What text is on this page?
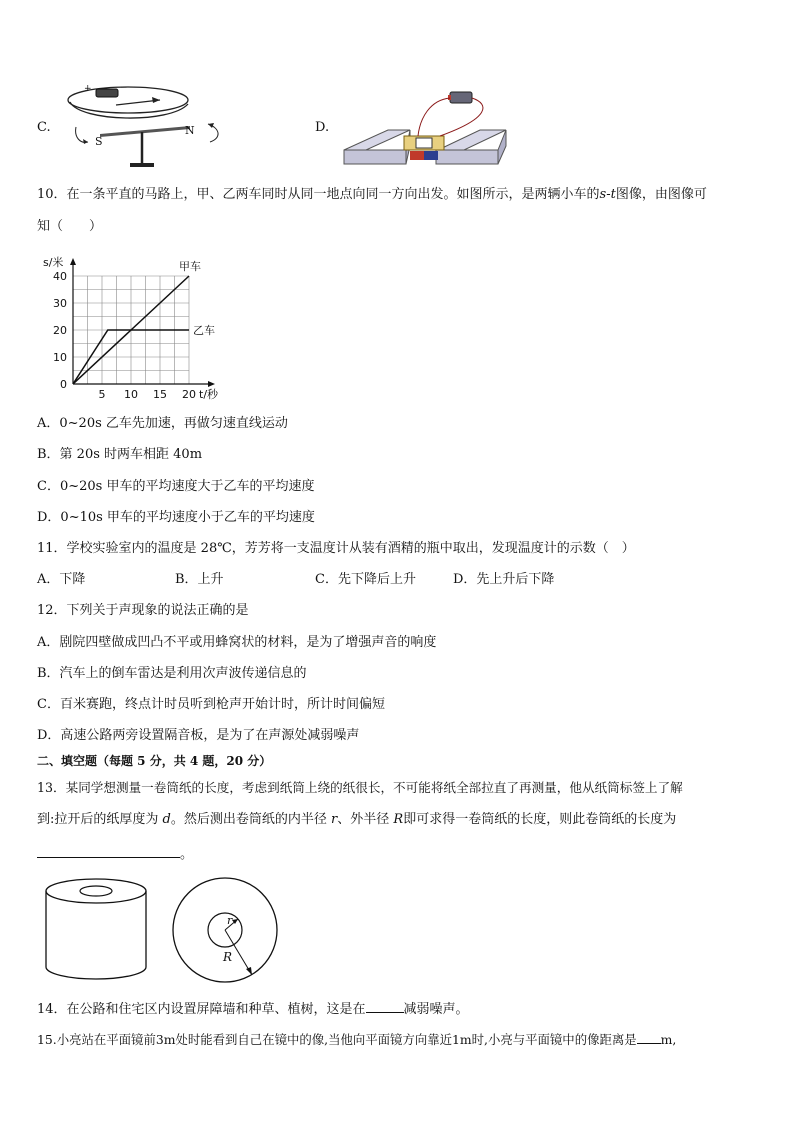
C.
+	−
S
N	D.
10．在一条平直的马路上，甲、乙两车同时从同一地点向同一方向出发。如图所示，是两辆小车的s-t图像，由图像可
知（　　）
5 10 15 20
10
20
30
40
0
s/米
t/秒
甲车
乙车
A．0~20s 乙车先加速，再做匀速直线运动
B．第 20s 时两车相距 40m
C．0~20s 甲车的平均速度大于乙车的平均速度
D．0~10s 甲车的平均速度小于乙车的平均速度
11．学校实验室内的温度是 28℃，芳芳将一支温度计从装有酒精的瓶中取出，发现温度计的示数（　）
A．下降	B．上升	C．先下降后上升	D．先上升后下降
12．下列关于声现象的说法正确的是
A．剧院四壁做成凹凸不平或用蜂窝状的材料，是为了增强声音的响度
B．汽车上的倒车雷达是利用次声波传递信息的
C．百米赛跑，终点计时员听到枪声开始计时，所计时间偏短
D．高速公路两旁设置隔音板，是为了在声源处减弱噪声
二、填空题（每题 5 分，共 4 题，20 分）
13．某同学想测量一卷筒纸的长度，考虑到纸筒上绕的纸很长，不可能将纸全部拉直了再测量，他从纸筒标签上了解
到:拉开后的纸厚度为 d。然后测出卷筒纸的内半径 r、外半径 R即可求得一卷筒纸的长度，则此卷筒纸的长度为
。
r
R
14．在公路和住宅区内设置屏障墙和种草、植树，这是在	减弱噪声。
15.小亮站在平面镜前3m处时能看到自己在镜中的像,当他向平面镜方向靠近1m时,小亮与平面镜中的像距离是 m,
